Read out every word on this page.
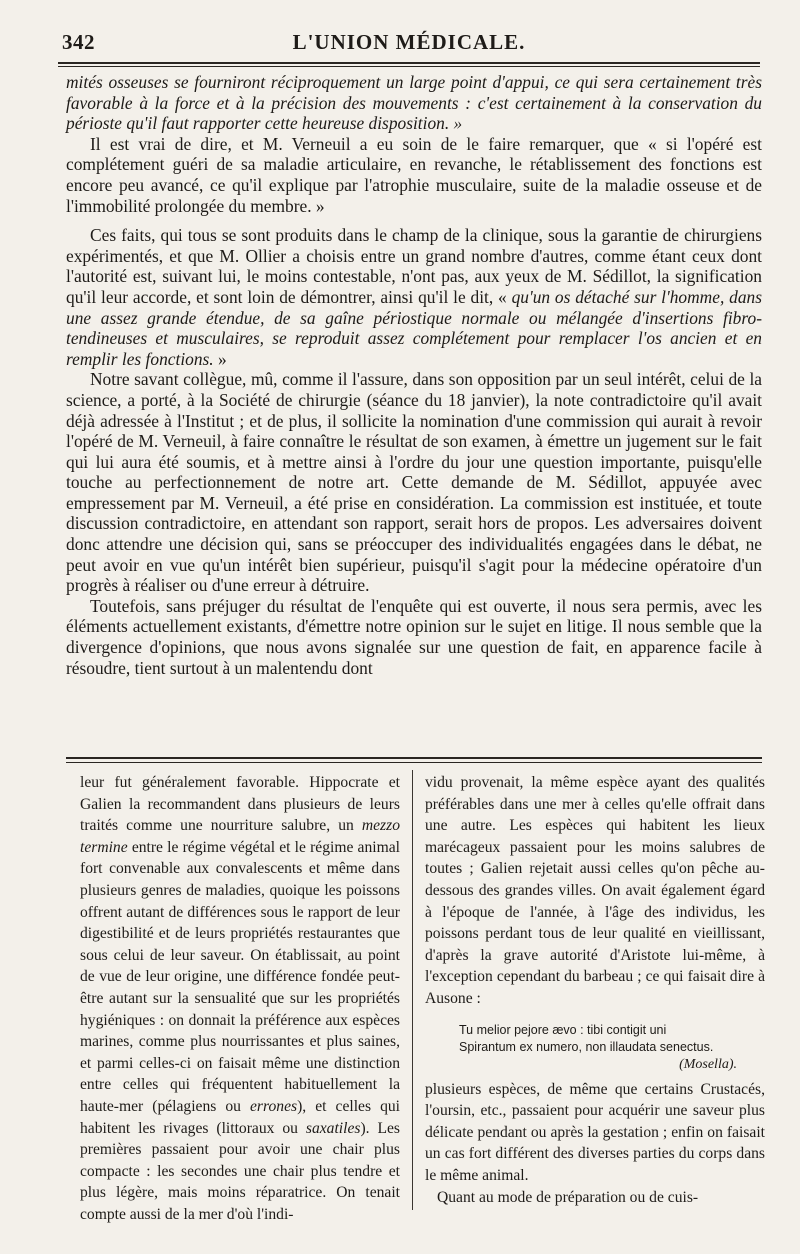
342	L'UNION MÉDICALE.

mités osseuses se fourniront réciproquement un large point d'appui, ce qui sera certainement très favorable à la force et à la précision des mouvements : c'est certainement à la conservation du périoste qu'il faut rapporter cette heureuse disposition. »

Il est vrai de dire, et M. Verneuil a eu soin de le faire remarquer, que « si l'opéré est complétement guéri de sa maladie articulaire, en revanche, le rétablissement des fonctions est encore peu avancé, ce qu'il explique par l'atrophie musculaire, suite de la maladie osseuse et de l'immobilité prolongée du membre. »

Ces faits, qui tous se sont produits dans le champ de la clinique, sous la garantie de chirurgiens expérimentés, et que M. Ollier a choisis entre un grand nombre d'autres, comme étant ceux dont l'autorité est, suivant lui, le moins contestable, n'ont pas, aux yeux de M. Sédillot, la signification qu'il leur accorde, et sont loin de démontrer, ainsi qu'il le dit, « qu'un os détaché sur l'homme, dans une assez grande étendue, de sa gaîne périostique normale ou mélangée d'insertions fibro-tendineuses et musculaires, se reproduit assez complétement pour remplacer l'os ancien et en remplir les fonctions. »

Notre savant collègue, mû, comme il l'assure, dans son opposition par un seul intérêt, celui de la science, a porté, à la Société de chirurgie (séance du 18 janvier), la note contradictoire qu'il avait déjà adressée à l'Institut ; et de plus, il sollicite la nomination d'une commission qui aurait à revoir l'opéré de M. Verneuil, à faire connaître le résultat de son examen, à émettre un jugement sur le fait qui lui aura été soumis, et à mettre ainsi à l'ordre du jour une question importante, puisqu'elle touche au perfectionnement de notre art. Cette demande de M. Sédillot, appuyée avec empressement par M. Verneuil, a été prise en considération. La commission est instituée, et toute discussion contradictoire, en attendant son rapport, serait hors de propos. Les adversaires doivent donc attendre une décision qui, sans se préoccuper des individualités engagées dans le débat, ne peut avoir en vue qu'un intérêt bien supérieur, puisqu'il s'agit pour la médecine opératoire d'un progrès à réaliser ou d'une erreur à détruire.

Toutefois, sans préjuger du résultat de l'enquête qui est ouverte, il nous sera permis, avec les éléments actuellement existants, d'émettre notre opinion sur le sujet en litige. Il nous semble que la divergence d'opinions, que nous avons signalée sur une question de fait, en apparence facile à résoudre, tient surtout à un malentendu dont

leur fut généralement favorable. Hippocrate et Galien la recommandent dans plusieurs de leurs traités comme une nourriture salubre, un mezzo termine entre le régime végétal et le régime animal fort convenable aux convalescents et même dans plusieurs genres de maladies, quoique les poissons offrent autant de différences sous le rapport de leur digestibilité et de leurs propriétés restaurantes que sous celui de leur saveur. On établissait, au point de vue de leur origine, une différence fondée peut-être autant sur la sensualité que sur les propriétés hygiéniques : on donnait la préférence aux espèces marines, comme plus nourrissantes et plus saines, et parmi celles-ci on faisait même une distinction entre celles qui fréquentent habituellement la haute-mer (pélagiens ou errones), et celles qui habitent les rivages (littoraux ou saxatiles). Les premières passaient pour avoir une chair plus compacte : les secondes une chair plus tendre et plus légère, mais moins réparatrice. On tenait compte aussi de la mer d'où l'indi-

vidu provenait, la même espèce ayant des qualités préférables dans une mer à celles qu'elle offrait dans une autre. Les espèces qui habitent les lieux marécageux passaient pour les moins salubres de toutes ; Galien rejetait aussi celles qu'on pêche au-dessous des grandes villes. On avait également égard à l'époque de l'année, à l'âge des individus, les poissons perdant tous de leur qualité en vieillissant, d'après la grave autorité d'Aristote lui-même, à l'exception cependant du barbeau ; ce qui faisait dire à Ausone :

Tu melior pejore ævo : tibi contigit uni
Spirantum ex numero, non illaudata senectus.
(Mosella).

plusieurs espèces, de même que certains Crustacés, l'oursin, etc., passaient pour acquérir une saveur plus délicate pendant ou après la gestation ; enfin on faisait un cas fort différent des diverses parties du corps dans le même animal.

Quant au mode de préparation ou de cuis-
